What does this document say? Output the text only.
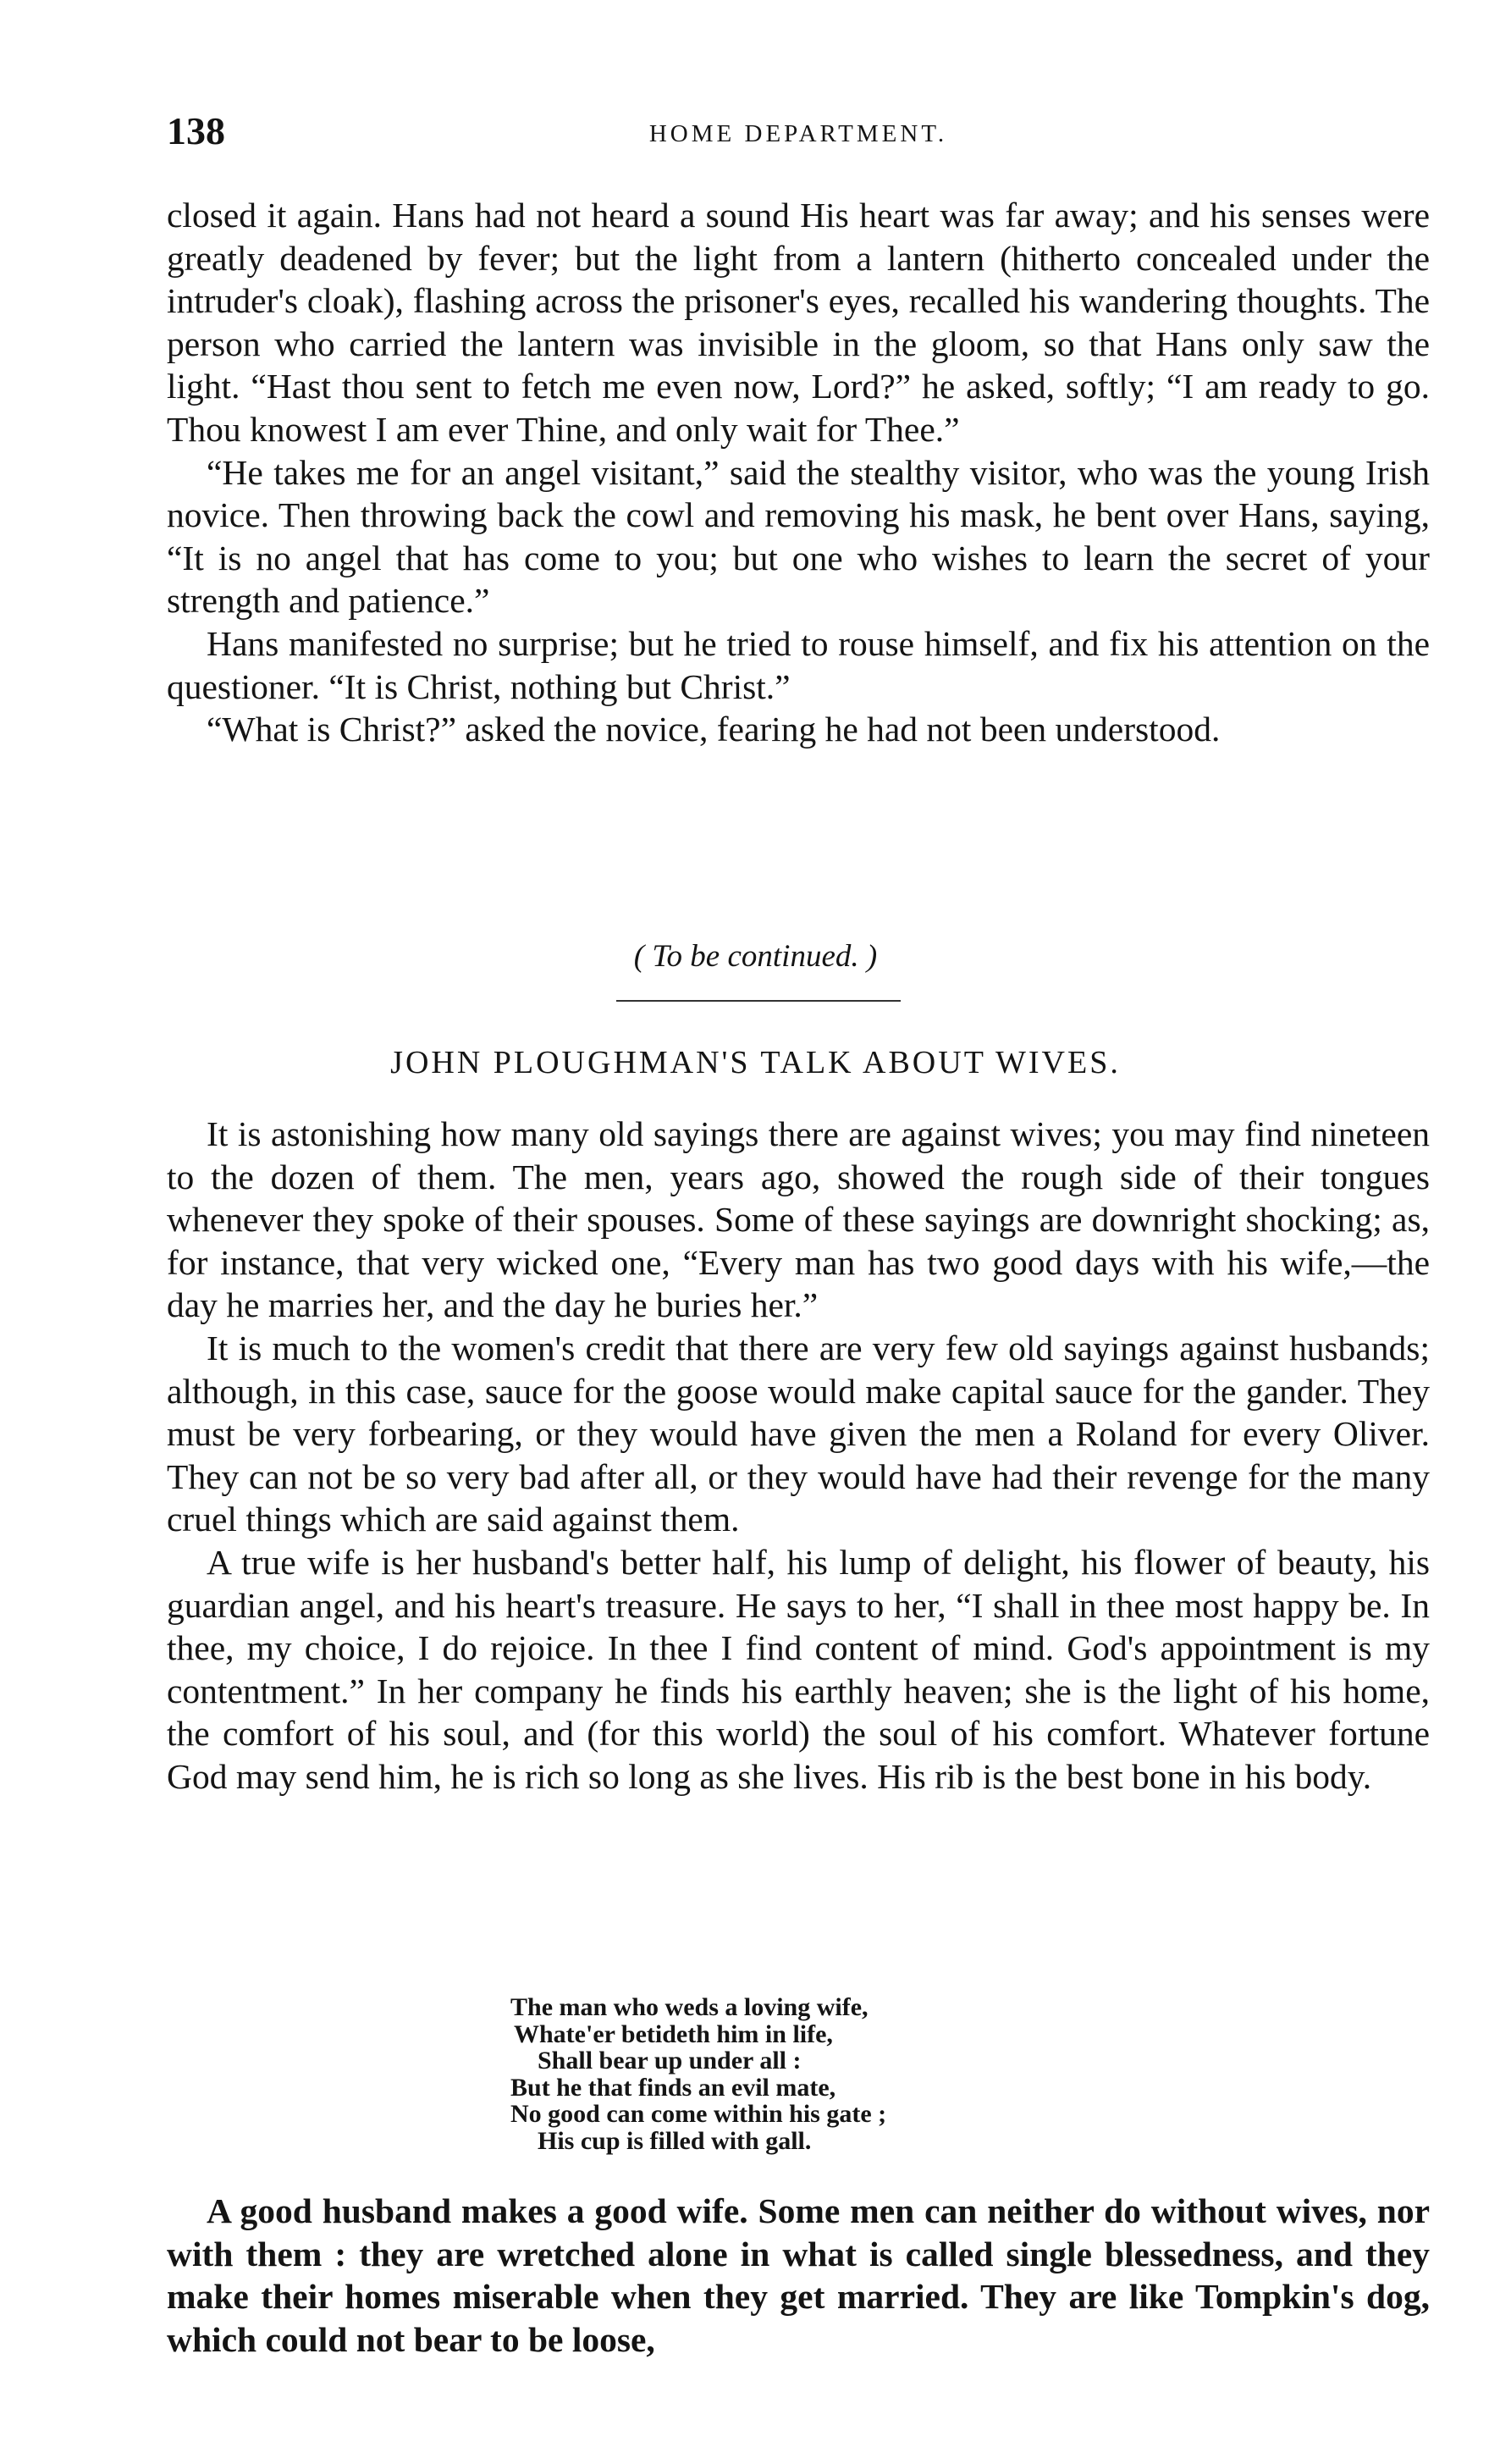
138	HOME DEPARTMENT.

closed it again. Hans had not heard a sound His heart was far away; and his senses were greatly deadened by fever; but the light from a lantern (hitherto concealed under the intruder's cloak), flashing across the prisoner's eyes, recalled his wandering thoughts. The person who carried the lantern was invisible in the gloom, so that Hans only saw the light. “Hast thou sent to fetch me even now, Lord?” he asked, softly; “I am ready to go. Thou knowest I am ever Thine, and only wait for Thee.”

“He takes me for an angel visitant,” said the stealthy visitor, who was the young Irish novice. Then throwing back the cowl and removing his mask, he bent over Hans, saying, “It is no angel that has come to you; but one who wishes to learn the secret of your strength and patience.”

Hans manifested no surprise; but he tried to rouse himself, and fix his attention on the questioner. “It is Christ, nothing but Christ.”

“What is Christ?” asked the novice, fearing he had not been understood.

( To be continued. )
JOHN PLOUGHMAN'S TALK ABOUT WIVES.

It is astonishing how many old sayings there are against wives; you may find nineteen to the dozen of them. The men, years ago, showed the rough side of their tongues whenever they spoke of their spouses. Some of these sayings are downright shocking; as, for instance, that very wicked one, “Every man has two good days with his wife,—the day he marries her, and the day he buries her.”

It is much to the women's credit that there are very few old sayings against husbands; although, in this case, sauce for the goose would make capital sauce for the gander. They must be very forbearing, or they would have given the men a Roland for every Oliver. They can not be so very bad after all, or they would have had their revenge for the many cruel things which are said against them.

A true wife is her husband's better half, his lump of delight, his flower of beauty, his guardian angel, and his heart's treasure. He says to her, “I shall in thee most happy be. In thee, my choice, I do rejoice. In thee I find content of mind. God's appointment is my contentment.” In her company he finds his earthly heaven; she is the light of his home, the comfort of his soul, and (for this world) the soul of his comfort. Whatever fortune God may send him, he is rich so long as she lives. His rib is the best bone in his body.

The man who weds a loving wife,
Whate'er betideth him in life,
Shall bear up under all :
But he that finds an evil mate,
No good can come within his gate ;
His cup is filled with gall.

A good husband makes a good wife. Some men can neither do without wives, nor with them : they are wretched alone in what is called single blessedness, and they make their homes miserable when they get married. They are like Tompkin's dog, which could not bear to be loose,
